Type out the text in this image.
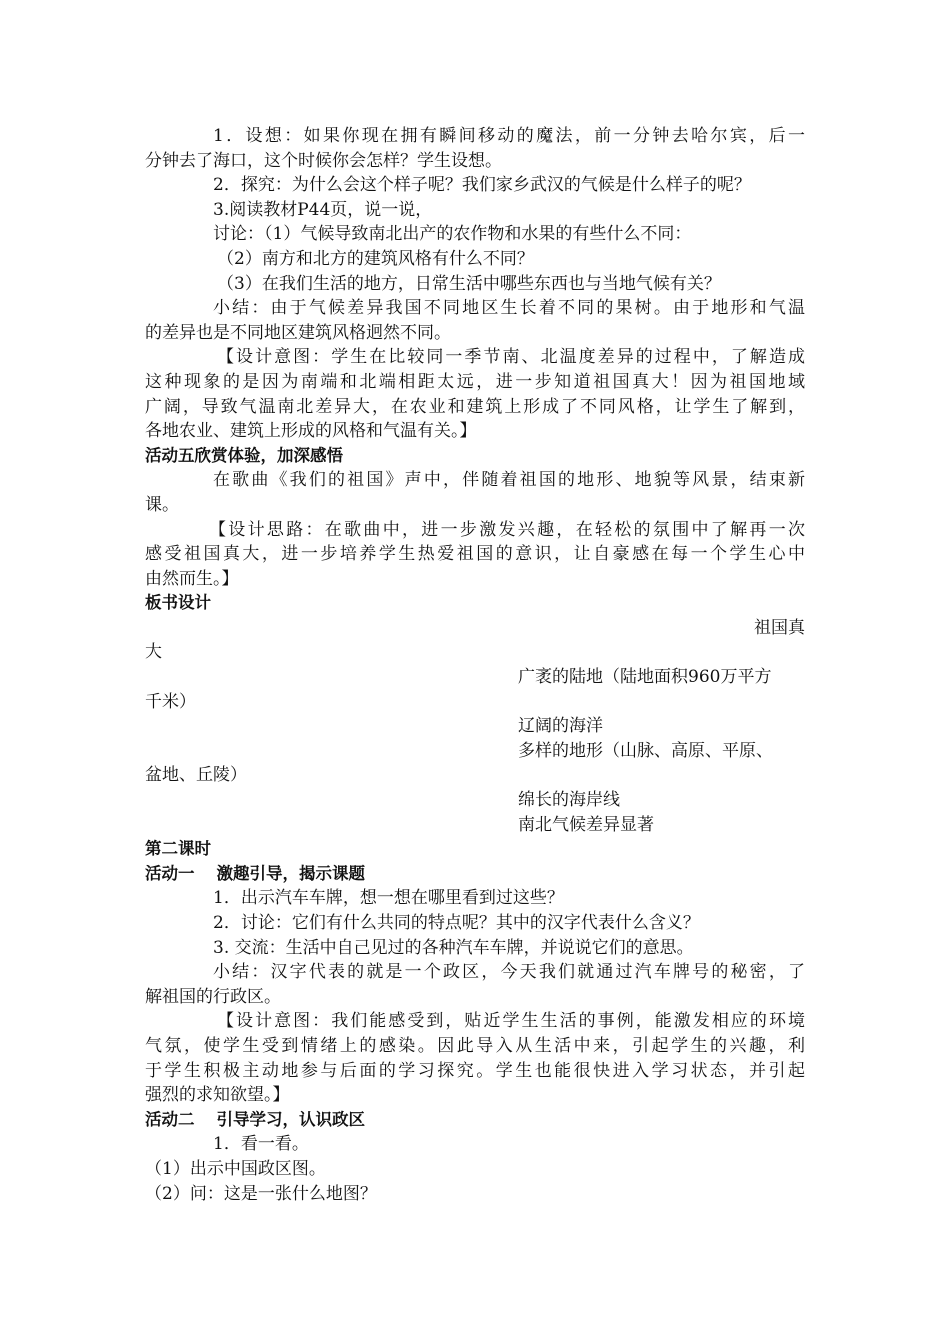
1．设想：如果你现在拥有瞬间移动的魔法，前一分钟去哈尔宾，后一
分钟去了海口，这个时候你会怎样？学生设想。
2．探究：为什么会这个样子呢？我们家乡武汉的气候是什么样子的呢？
3.阅读教材P44页，说一说，
讨论：（1）气候导致南北出产的农作物和水果的有些什么不同：
（2）南方和北方的建筑风格有什么不同？
（3）在我们生活的地方，日常生活中哪些东西也与当地气候有关？
小结：由于气候差异我国不同地区生长着不同的果树。由于地形和气温
的差异也是不同地区建筑风格迥然不同。
【设计意图：学生在比较同一季节南、北温度差异的过程中，了解造成
这种现象的是因为南端和北端相距太远，进一步知道祖国真大！因为祖国地域
广阔，导致气温南北差异大，在农业和建筑上形成了不同风格，让学生了解到，
各地农业、建筑上形成的风格和气温有关。】
活动五欣赏体验，加深感悟
在歌曲《我们的祖国》声中，伴随着祖国的地形、地貌等风景，结束新
课。
【设计思路：在歌曲中，进一步激发兴趣，在轻松的氛围中了解再一次
感受祖国真大，进一步培养学生热爱祖国的意识，让自豪感在每一个学生心中
由然而生。】
板书设计
祖国真
大
广袤的陆地（陆地面积960万平方
千米）
辽阔的海洋
多样的地形（山脉、高原、平原、
盆地、丘陵）
绵长的海岸线
南北气候差异显著
第二课时
活动一 激趣引导，揭示课题
1．出示汽车车牌，想一想在哪里看到过这些？
2．讨论：它们有什么共同的特点呢？其中的汉字代表什么含义？
3. 交流：生活中自己见过的各种汽车车牌，并说说它们的意思。
小结：汉字代表的就是一个政区，今天我们就通过汽车牌号的秘密，了
解祖国的行政区。
【设计意图：我们能感受到，贴近学生生活的事例，能激发相应的环境
气氛，使学生受到情绪上的感染。因此导入从生活中来，引起学生的兴趣，利
于学生积极主动地参与后面的学习探究。学生也能很快进入学习状态，并引起
强烈的求知欲望。】
活动二 引导学习，认识政区
1．看一看。
（1）出示中国政区图。
（2）问：这是一张什么地图？
